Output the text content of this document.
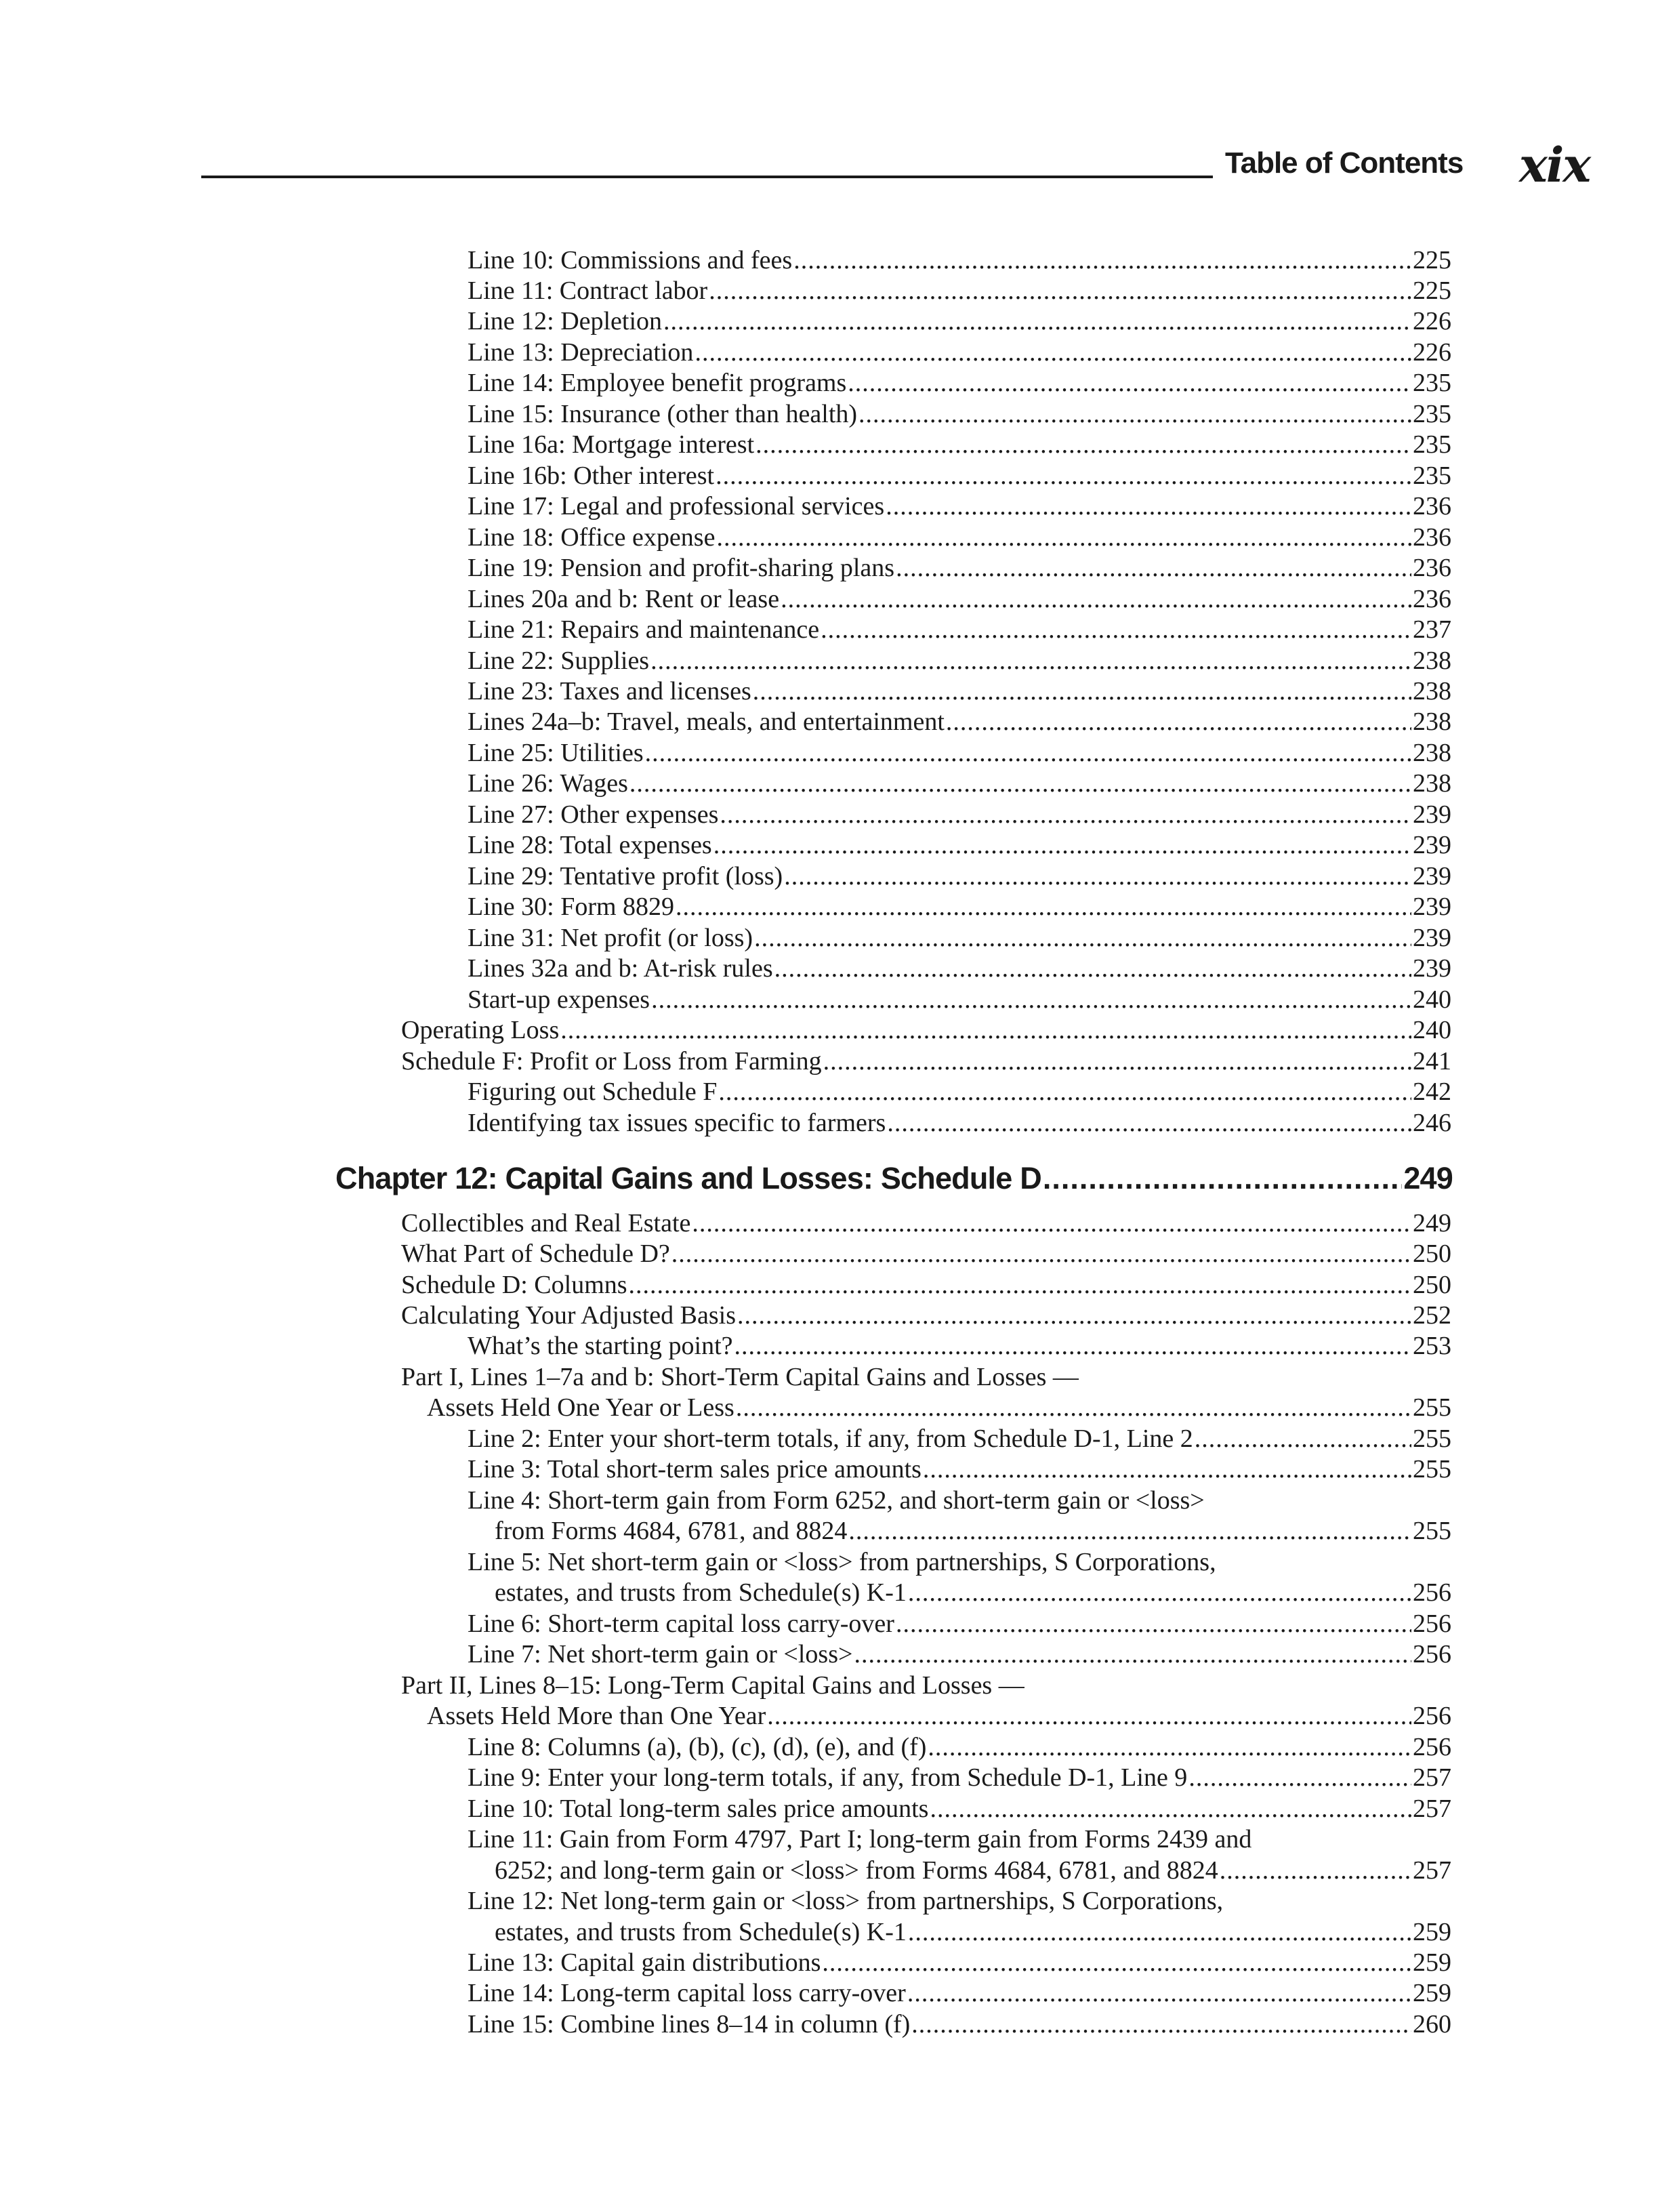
Table of Contents xix
Line 10: Commissions and fees .....	225
Line 11: Contract labor .....	225
Line 12: Depletion .....	226
Line 13: Depreciation .....	226
Line 14: Employee benefit programs .....	235
Line 15: Insurance (other than health) .....	235
Line 16a: Mortgage interest .....	235
Line 16b: Other interest .....	235
Line 17: Legal and professional services .....	236
Line 18: Office expense .....	236
Line 19: Pension and profit-sharing plans .....	236
Lines 20a and b: Rent or lease .....	236
Line 21: Repairs and maintenance .....	237
Line 22: Supplies .....	238
Line 23: Taxes and licenses .....	238
Lines 24a–b: Travel, meals, and entertainment .....	238
Line 25: Utilities .....	238
Line 26: Wages .....	238
Line 27: Other expenses .....	239
Line 28: Total expenses .....	239
Line 29: Tentative profit (loss) .....	239
Line 30: Form 8829 .....	239
Line 31: Net profit (or loss) .....	239
Lines 32a and b: At-risk rules .....	239
Start-up expenses .....	240
Operating Loss .....	240
Schedule F: Profit or Loss from Farming .....	241
Figuring out Schedule F .....	242
Identifying tax issues specific to farmers .....	246
Chapter 12: Capital Gains and Losses: Schedule D .....	249
Collectibles and Real Estate .....	249
What Part of Schedule D? .....	250
Schedule D: Columns .....	250
Calculating Your Adjusted Basis .....	252
What’s the starting point? .....	253
Part I, Lines 1–7a and b: Short-Term Capital Gains and Losses —
Assets Held One Year or Less .....	255
Line 2: Enter your short-term totals, if any, from Schedule D-1, Line 2 .....	255
Line 3: Total short-term sales price amounts .....	255
Line 4: Short-term gain from Form 6252, and short-term gain or <loss>
from Forms 4684, 6781, and 8824 .....	255
Line 5: Net short-term gain or <loss> from partnerships, S Corporations,
estates, and trusts from Schedule(s) K-1 .....	256
Line 6: Short-term capital loss carry-over .....	256
Line 7: Net short-term gain or <loss> .....	256
Part II, Lines 8–15: Long-Term Capital Gains and Losses —
Assets Held More than One Year .....	256
Line 8: Columns (a), (b), (c), (d), (e), and (f) .....	256
Line 9: Enter your long-term totals, if any, from Schedule D-1, Line 9 .....	257
Line 10: Total long-term sales price amounts .....	257
Line 11: Gain from Form 4797, Part I; long-term gain from Forms 2439 and
6252; and long-term gain or <loss> from Forms 4684, 6781, and 8824 .....	257
Line 12: Net long-term gain or <loss> from partnerships, S Corporations,
estates, and trusts from Schedule(s) K-1 .....	259
Line 13: Capital gain distributions .....	259
Line 14: Long-term capital loss carry-over .....	259
Line 15: Combine lines 8–14 in column (f) .....	260
